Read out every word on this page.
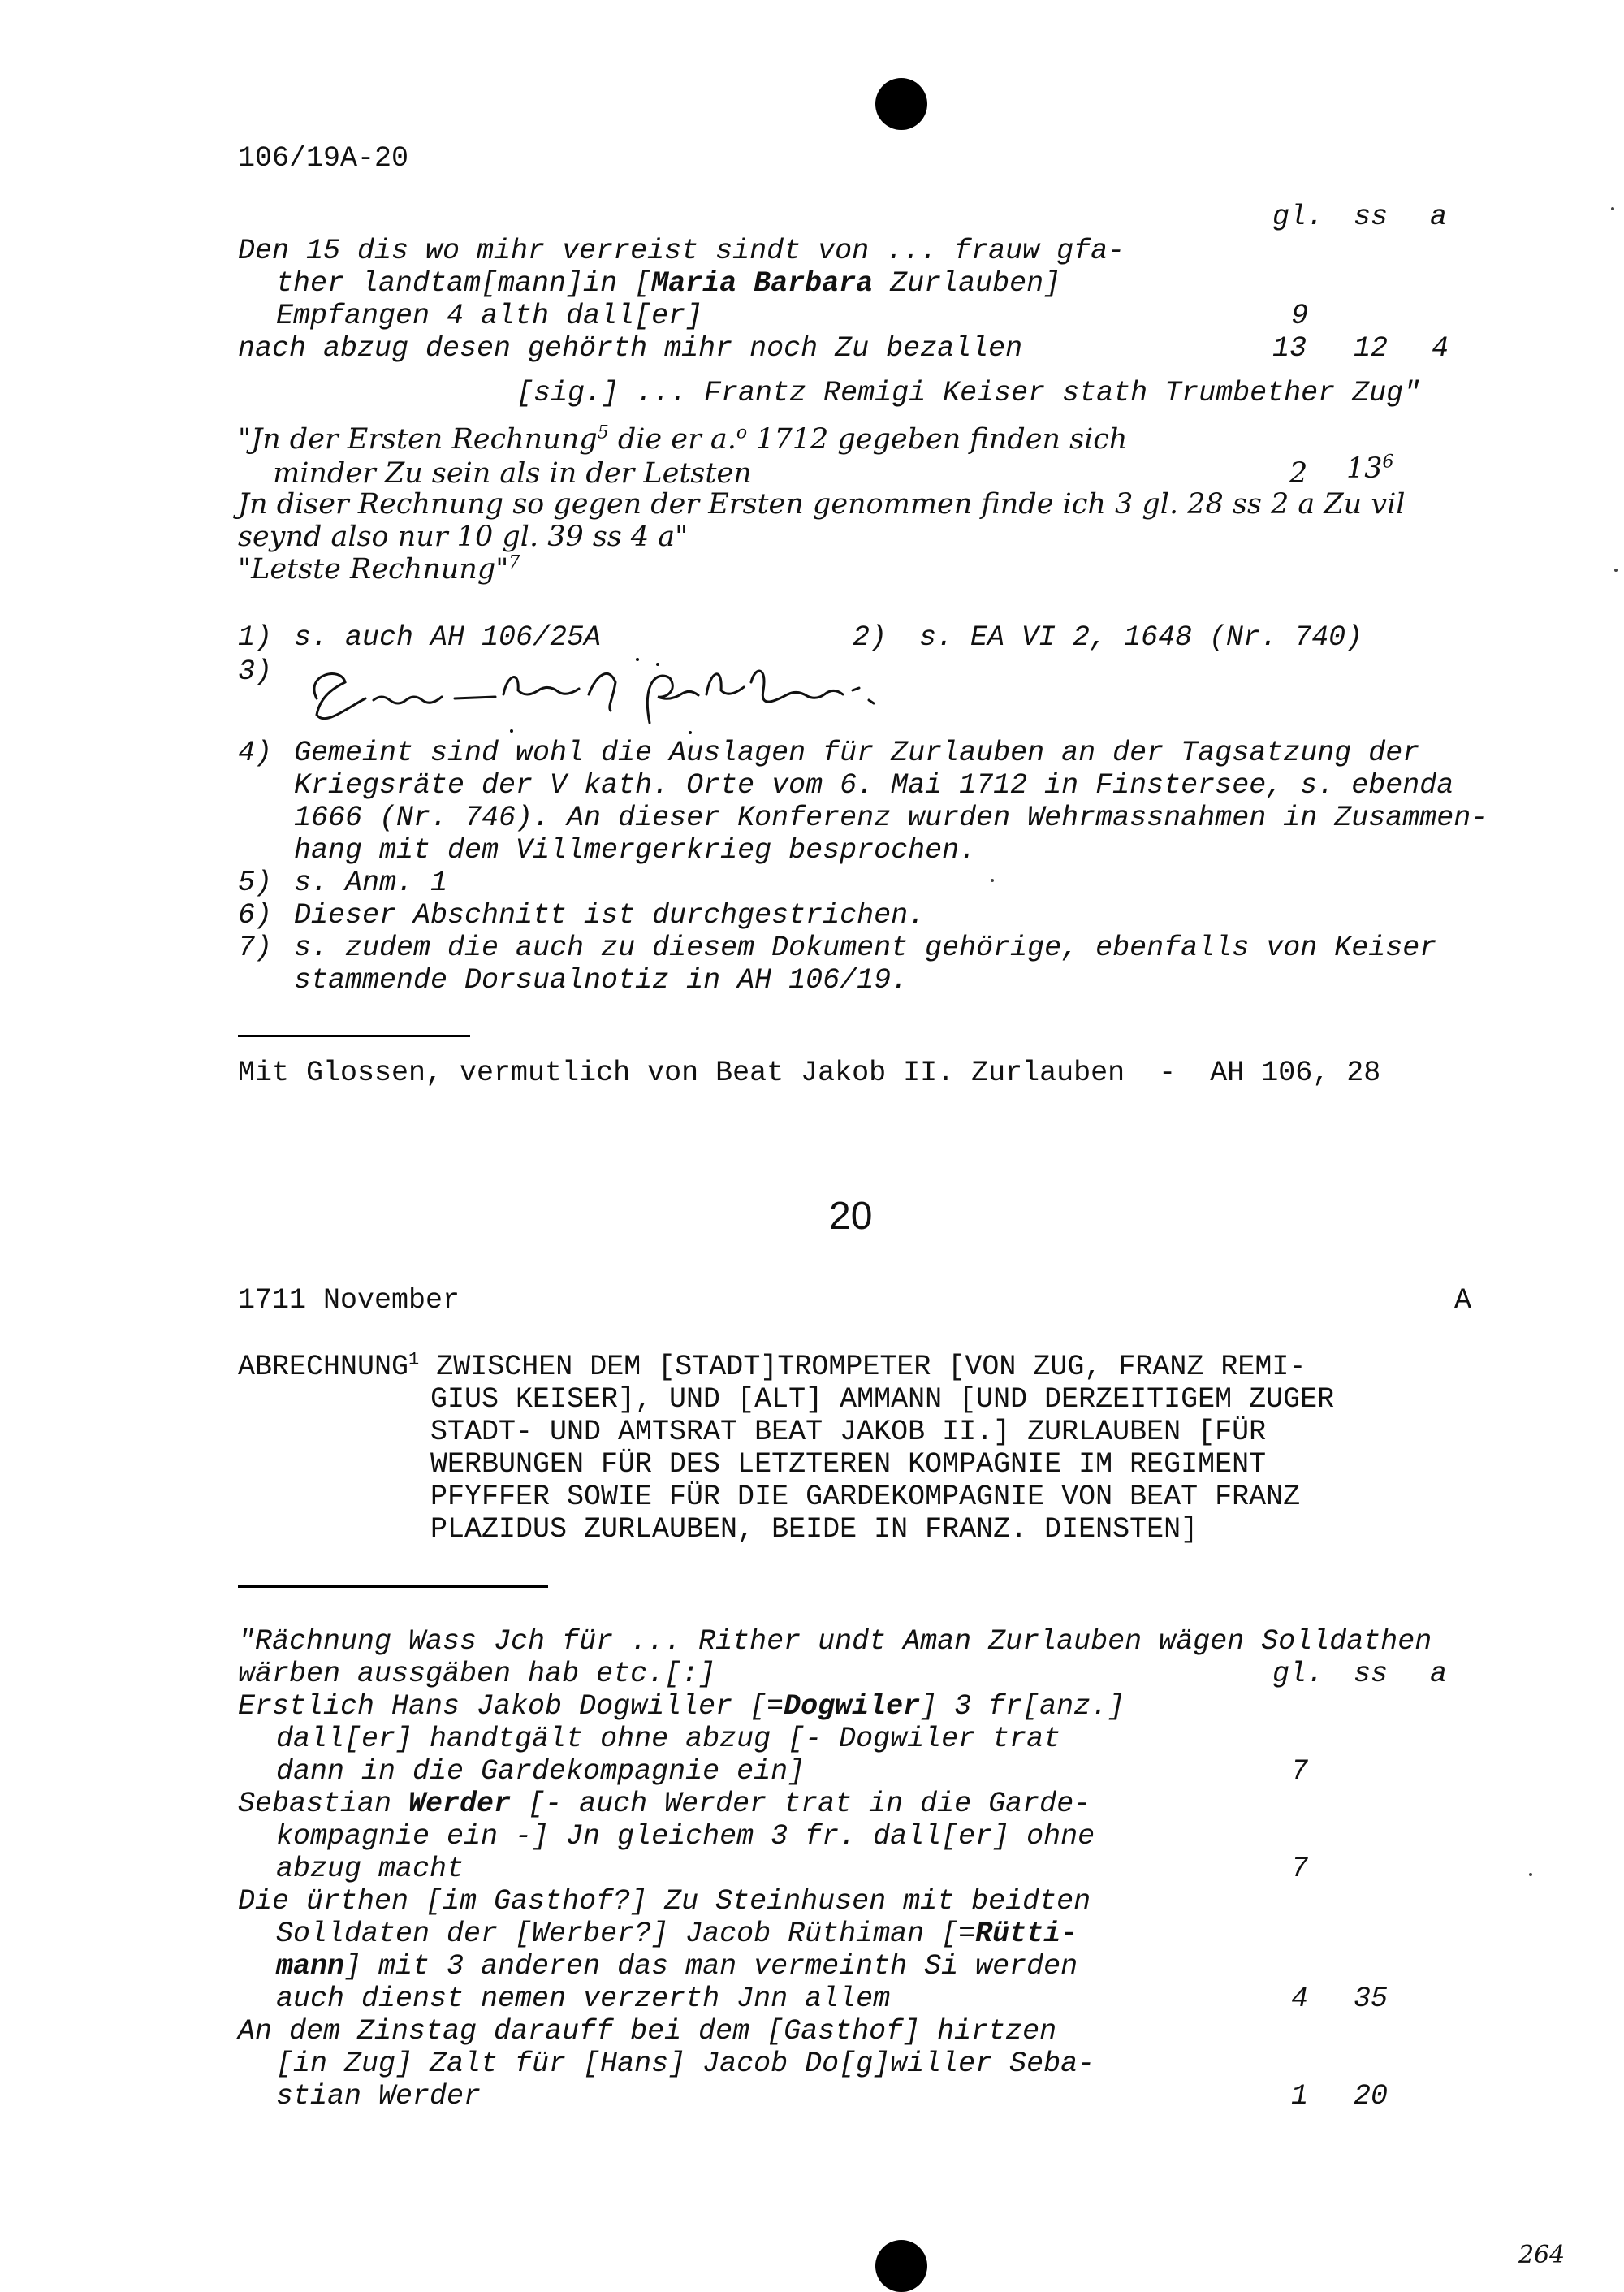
106/19A-20
gl. ss a
Den 15 dis wo mihr verreist sindt von ... frauw gfa-
ther landtam[mann]in [Maria Barbara Zurlauben]
Empfangen 4 alth dall[er]	9
nach abzug desen gehörth mihr noch Zu bezallen	13 12 4
[sig.] ... Frantz Remigi Keiser stath Trumbether Zug"
"Jn der Ersten Rechnung$^5$ die er a.$^o$ 1712 gegeben finden sich
minder Zu sein als in der Letsten	2 $13^6$
Jn diser Rechnung so gegen der Ersten genommen finde ich 3 gl. 28 ss 2 a Zu vil
seynd also nur 10 gl. 39 ss 4 a"
"Letste Rechnung"$^7$
1) s. auch AH 106/25A	2) s. EA VI 2, 1648 (Nr. 740)
3)
4) Gemeint sind wohl die Auslagen für Zurlauben an der Tagsatzung der
Kriegsräte der V kath. Orte vom 6. Mai 1712 in Finstersee, s. ebenda
1666 (Nr. 746). An dieser Konferenz wurden Wehrmassnahmen in Zusammen-
hang mit dem Villmergerkrieg besprochen.
5) s. Anm. 1
6) Dieser Abschnitt ist durchgestrichen.
7) s. zudem die auch zu diesem Dokument gehörige, ebenfalls von Keiser
stammende Dorsualnotiz in AH 106/19.
Mit Glossen, vermutlich von Beat Jakob II. Zurlauben  -  AH 106, 28
20
1711 November	A
ABRECHNUNG$^1$ ZWISCHEN DEM [STADT]TROMPETER [VON ZUG, FRANZ REMI-
GIUS KEISER], UND [ALT] AMMANN [UND DERZEITIGEM ZUGER
STADT- UND AMTSRAT BEAT JAKOB II.] ZURLAUBEN [FÜR
WERBUNGEN FÜR DES LETZTEREN KOMPAGNIE IM REGIMENT
PFYFFER SOWIE FÜR DIE GARDEKOMPAGNIE VON BEAT FRANZ
PLAZIDUS ZURLAUBEN, BEIDE IN FRANZ. DIENSTEN]
"Rächnung Wass Jch für ... Rither undt Aman Zurlauben wägen Solldathen
wärben aussgäben hab etc.[:]	gl. ss a
Erstlich Hans Jakob Dogwiller [=Dogwiler] 3 fr[anz.]
dall[er] handtgält ohne abzug [- Dogwiler trat
dann in die Gardekompagnie ein]	7
Sebastian Werder [- auch Werder trat in die Garde-
kompagnie ein -] Jn gleichem 3 fr. dall[er] ohne
abzug macht	7
Die ürthen [im Gasthof?] Zu Steinhusen mit beidten
Solldaten der [Werber?] Jacob Rüthiman [=Rütti-
mann] mit 3 anderen das man vermeinth Si werden
auch dienst nemen verzerth Jnn allem	4 35
An dem Zinstag darauff bei dem [Gasthof] hirtzen
[in Zug] Zalt für [Hans] Jacob Do[g]willer Seba-
stian Werder	1 20
264
